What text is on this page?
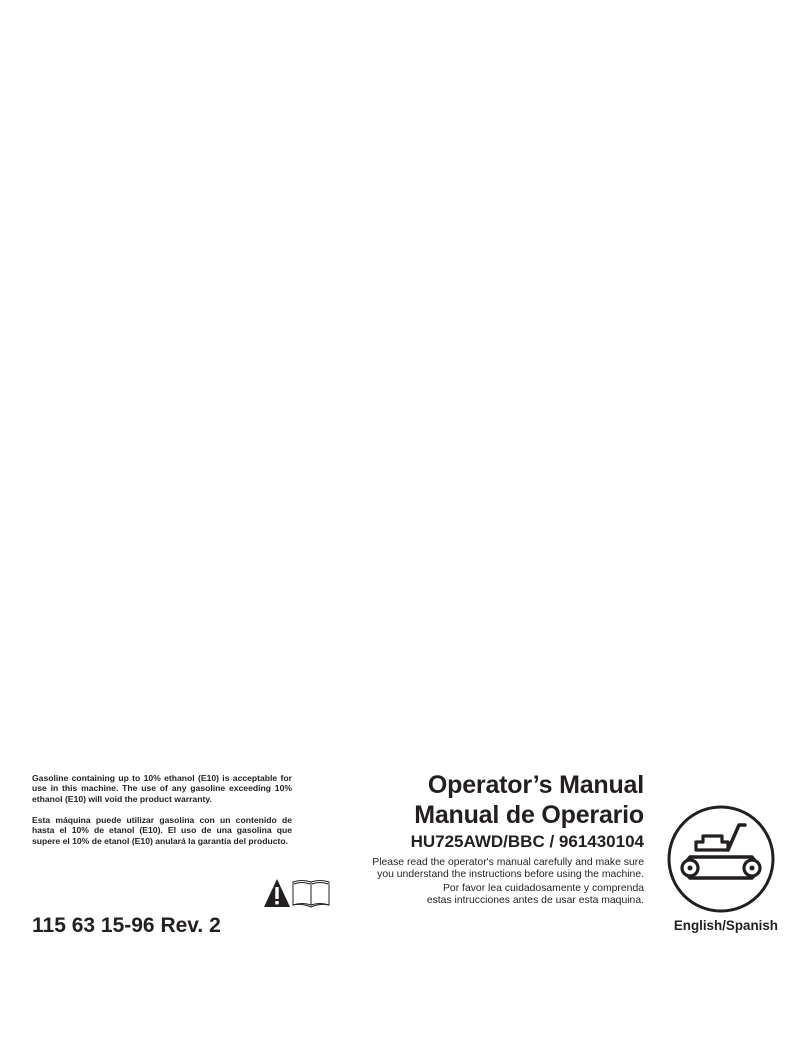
Gasoline containing up to 10% ethanol (E10) is acceptable for use in this machine. The use of any gasoline exceeding 10% ethanol (E10) will void the product warranty.
Esta máquina puede utilizar gasolina con un contenido de hasta el 10% de etanol (E10). El uso de una gasolina que supere el 10% de etanol (E10) anulará la garantía del producto.
Operator’s Manual
Manual de Operario
HU725AWD/BBC / 961430104
Please read the operator's manual carefully and make sure
you understand the instructions before using the machine.
Por favor lea cuidadosamente y comprenda
estas intrucciones antes de usar esta maquina.
115 63 15-96 Rev. 2	English/Spanish
